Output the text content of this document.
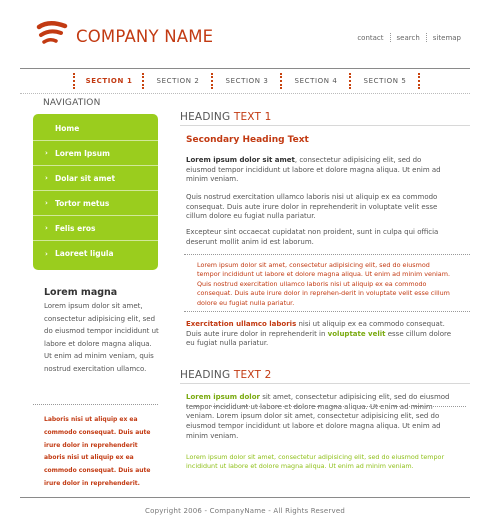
COMPANY NAME	contact	search	sitemap
SECTION 1	SECTION 2	SECTION 3	SECTION 4	SECTION 5
NAVIGATION
Home
› Lorem Ipsum
› Dolar sit amet
› Tortor metus
› Felis eros
› Laoreet ligula
Lorem magna
Lorem ipsum dolor sit amet, consectetur adipisicing elit, sed do eiusmod tempor incididunt ut labore et dolore magna aliqua. Ut enim ad minim veniam, quis nostrud exercitation ullamco.
Laboris nisi ut aliquip ex ea commodo consequat. Duis aute irure dolor in reprehenderit aboris nisi ut aliquip ex ea commodo consequat. Duis aute irure dolor in reprehenderit.
HEADING TEXT 1
Secondary Heading Text
Lorem ipsum dolor sit amet, consectetur adipisicing elit, sed do eiusmod tempor incididunt ut labore et dolore magna aliqua. Ut enim ad minim veniam.
Quis nostrud exercitation ullamco laboris nisi ut aliquip ex ea commodo consequat. Duis aute irure dolor in reprehenderit in voluptate velit esse cillum dolore eu fugiat nulla pariatur.
Excepteur sint occaecat cupidatat non proident, sunt in culpa qui officia deserunt mollit anim id est laborum.
Lorem ipsum dolor sit amet, consectetur adipisicing elit, sed do eiusmod tempor incididunt ut labore et dolore magna aliqua. Ut enim ad minim veniam. Quis nostrud exercitation ullamco laboris nisi ut aliquip ex ea commodo consequat. Duis aute irure dolor in reprehen-derit in voluptate velit esse cillum dolore eu fugiat nulla pariatur.
Exercitation ullamco laboris nisi ut aliquip ex ea commodo consequat. Duis aute irure dolor in reprehenderit in voluptate velit esse cillum dolore eu fugiat nulla pariatur.
HEADING TEXT 2
Lorem ipsum dolor sit amet, consectetur adipisicing elit, sed do eiusmod tempor incididunt ut labore et dolore magna aliqua. Ut enim ad minim veniam. Lorem ipsum dolor sit amet, consectetur adipisicing elit, sed do eiusmod tempor incididunt ut labore et dolore magna aliqua. Ut enim ad minim veniam.
Lorem ipsum dolor sit amet, consectetur adipisicing elit, sed do eiusmod tempor incididunt ut labore et dolore magna aliqua. Ut enim ad minim veniam.
Copyright 2006 - CompanyName - All Rights Reserved
